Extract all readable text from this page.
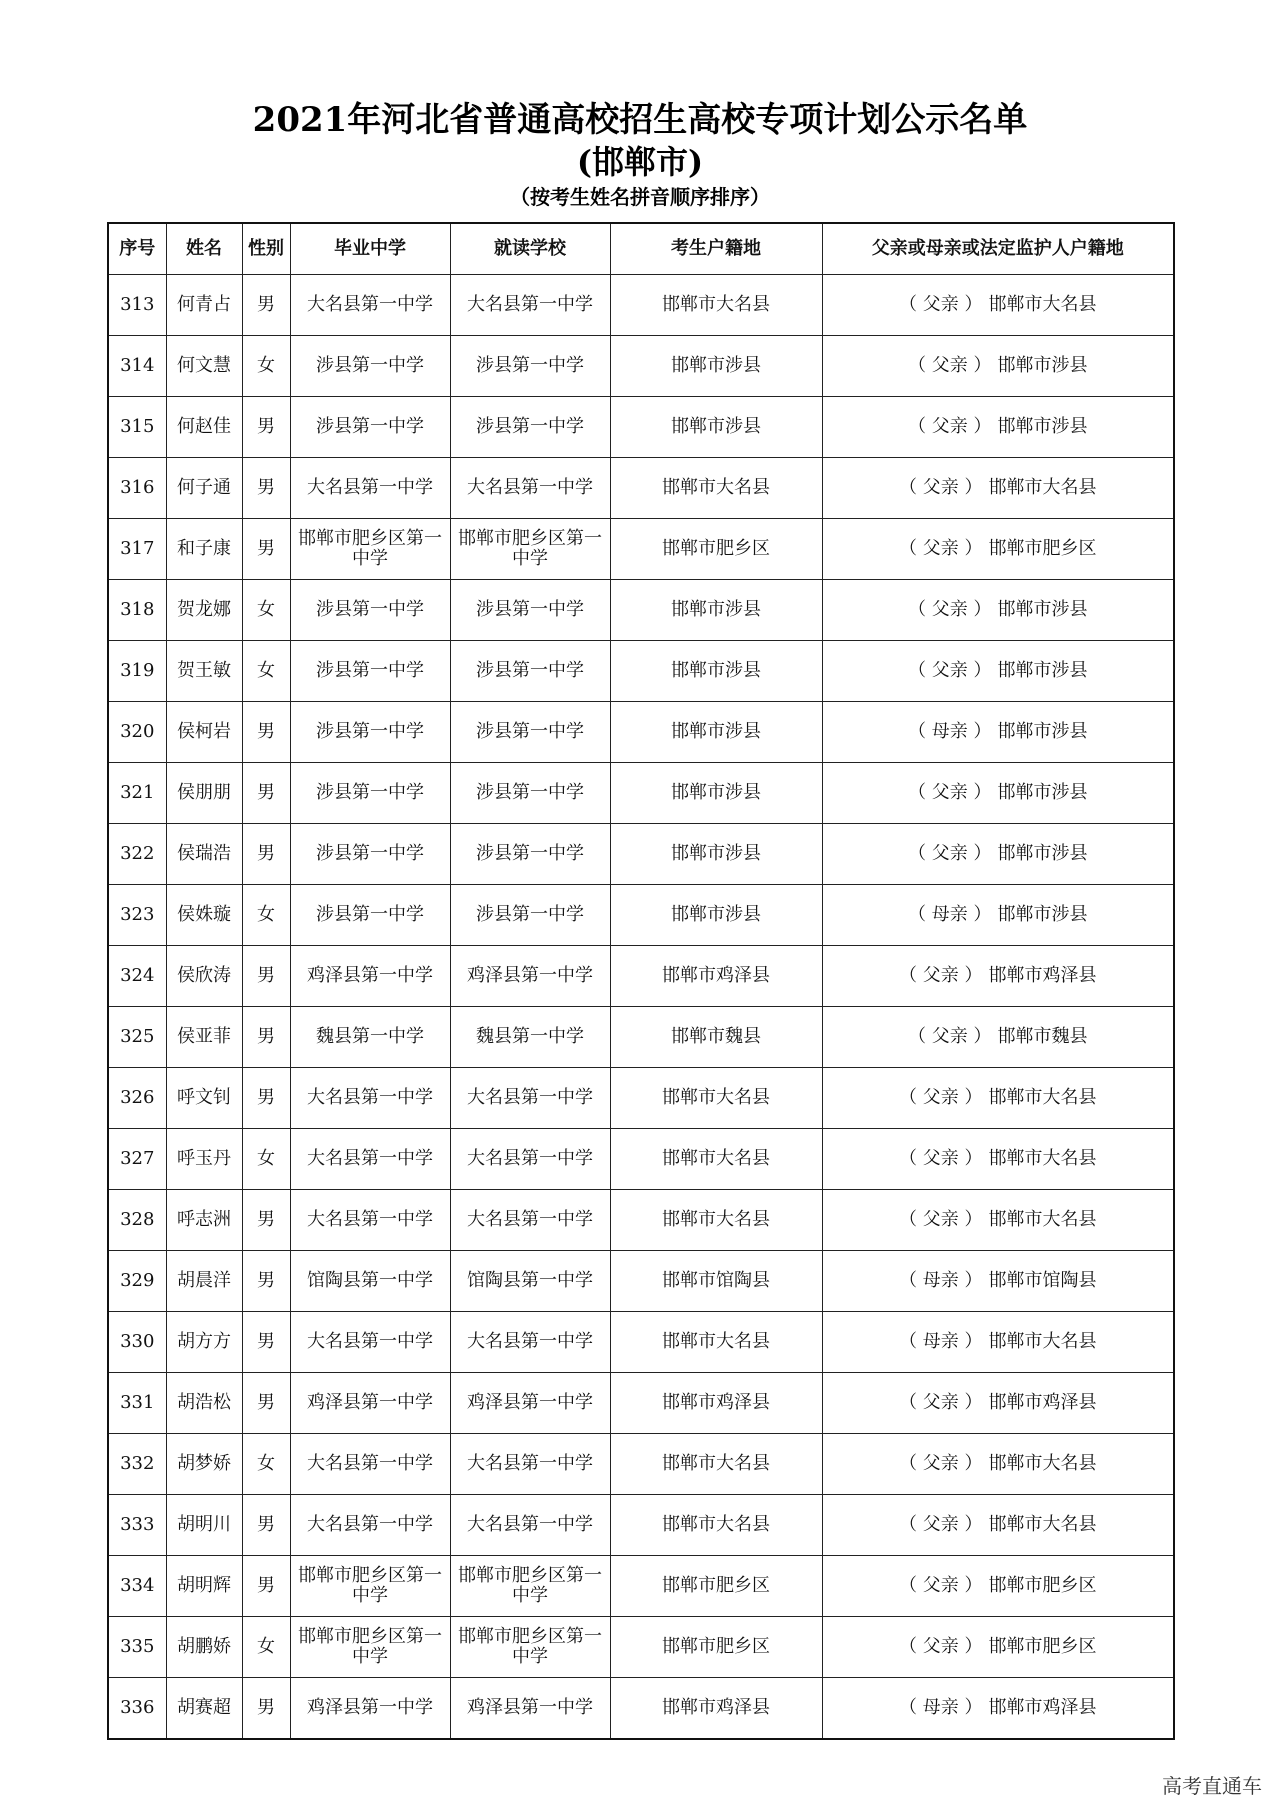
2021年河北省普通高校招生高校专项计划公示名单
(邯郸市)
（按考生姓名拼音顺序排序）
序号	姓名	性别	毕业中学	就读学校	考生户籍地	父亲或母亲或法定监护人户籍地
313	何青占	男	大名县第一中学	大名县第一中学	邯郸市大名县	（ 父亲 ） 邯郸市大名县
314	何文慧	女	涉县第一中学	涉县第一中学	邯郸市涉县	（ 父亲 ） 邯郸市涉县
315	何赵佳	男	涉县第一中学	涉县第一中学	邯郸市涉县	（ 父亲 ） 邯郸市涉县
316	何子通	男	大名县第一中学	大名县第一中学	邯郸市大名县	（ 父亲 ） 邯郸市大名县
317	和子康	男	邯郸市肥乡区第一中学	邯郸市肥乡区第一中学	邯郸市肥乡区	（ 父亲 ） 邯郸市肥乡区
318	贺龙娜	女	涉县第一中学	涉县第一中学	邯郸市涉县	（ 父亲 ） 邯郸市涉县
319	贺王敏	女	涉县第一中学	涉县第一中学	邯郸市涉县	（ 父亲 ） 邯郸市涉县
320	侯柯岩	男	涉县第一中学	涉县第一中学	邯郸市涉县	（ 母亲 ） 邯郸市涉县
321	侯朋朋	男	涉县第一中学	涉县第一中学	邯郸市涉县	（ 父亲 ） 邯郸市涉县
322	侯瑞浩	男	涉县第一中学	涉县第一中学	邯郸市涉县	（ 父亲 ） 邯郸市涉县
323	侯姝璇	女	涉县第一中学	涉县第一中学	邯郸市涉县	（ 母亲 ） 邯郸市涉县
324	侯欣涛	男	鸡泽县第一中学	鸡泽县第一中学	邯郸市鸡泽县	（ 父亲 ） 邯郸市鸡泽县
325	侯亚菲	男	魏县第一中学	魏县第一中学	邯郸市魏县	（ 父亲 ） 邯郸市魏县
326	呼文钊	男	大名县第一中学	大名县第一中学	邯郸市大名县	（ 父亲 ） 邯郸市大名县
327	呼玉丹	女	大名县第一中学	大名县第一中学	邯郸市大名县	（ 父亲 ） 邯郸市大名县
328	呼志洲	男	大名县第一中学	大名县第一中学	邯郸市大名县	（ 父亲 ） 邯郸市大名县
329	胡晨洋	男	馆陶县第一中学	馆陶县第一中学	邯郸市馆陶县	（ 母亲 ） 邯郸市馆陶县
330	胡方方	男	大名县第一中学	大名县第一中学	邯郸市大名县	（ 母亲 ） 邯郸市大名县
331	胡浩松	男	鸡泽县第一中学	鸡泽县第一中学	邯郸市鸡泽县	（ 父亲 ） 邯郸市鸡泽县
332	胡梦娇	女	大名县第一中学	大名县第一中学	邯郸市大名县	（ 父亲 ） 邯郸市大名县
333	胡明川	男	大名县第一中学	大名县第一中学	邯郸市大名县	（ 父亲 ） 邯郸市大名县
334	胡明辉	男	邯郸市肥乡区第一中学	邯郸市肥乡区第一中学	邯郸市肥乡区	（ 父亲 ） 邯郸市肥乡区
335	胡鹏娇	女	邯郸市肥乡区第一中学	邯郸市肥乡区第一中学	邯郸市肥乡区	（ 父亲 ） 邯郸市肥乡区
336	胡赛超	男	鸡泽县第一中学	鸡泽县第一中学	邯郸市鸡泽县	（ 母亲 ） 邯郸市鸡泽县
高考直通车
